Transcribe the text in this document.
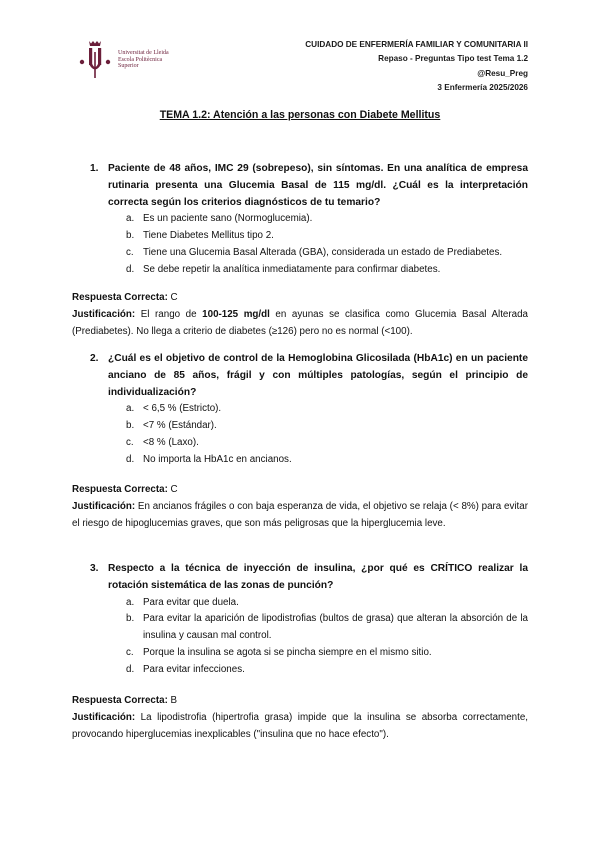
Universitat de Lleida
Escola Politècnica
Superior
CUIDADO DE ENFERMERÍA FAMILIAR Y COMUNITARIA II
Repaso - Preguntas Tipo test Tema 1.2
@Resu_Preg
3 Enfermería 2025/2026
TEMA 1.2: Atención a las personas con Diabete Mellitus
1. Paciente de 48 años, IMC 29 (sobrepeso), sin síntomas. En una analítica de empresa rutinaria presenta una Glucemia Basal de 115 mg/dl. ¿Cuál es la interpretación correcta según los criterios diagnósticos de tu temario?
a. Es un paciente sano (Normoglucemia).
b. Tiene Diabetes Mellitus tipo 2.
c. Tiene una Glucemia Basal Alterada (GBA), considerada un estado de Prediabetes.
d. Se debe repetir la analítica inmediatamente para confirmar diabetes.
Respuesta Correcta: C
Justificación: El rango de 100-125 mg/dl en ayunas se clasifica como Glucemia Basal Alterada (Prediabetes). No llega a criterio de diabetes (≥126) pero no es normal (<100).
2. ¿Cuál es el objetivo de control de la Hemoglobina Glicosilada (HbA1c) en un paciente anciano de 85 años, frágil y con múltiples patologías, según el principio de individualización?
a. < 6,5 % (Estricto).
b. <7 % (Estándar).
c. <8 % (Laxo).
d. No importa la HbA1c en ancianos.
Respuesta Correcta: C
Justificación: En ancianos frágiles o con baja esperanza de vida, el objetivo se relaja (< 8%) para evitar el riesgo de hipoglucemias graves, que son más peligrosas que la hiperglucemia leve.
3. Respecto a la técnica de inyección de insulina, ¿por qué es CRÍTICO realizar la rotación sistemática de las zonas de punción?
a. Para evitar que duela.
b. Para evitar la aparición de lipodistrofias (bultos de grasa) que alteran la absorción de la insulina y causan mal control.
c. Porque la insulina se agota si se pincha siempre en el mismo sitio.
d. Para evitar infecciones.
Respuesta Correcta: B
Justificación: La lipodistrofia (hipertrofia grasa) impide que la insulina se absorba correctamente, provocando hiperglucemias inexplicables ("insulina que no hace efecto").
